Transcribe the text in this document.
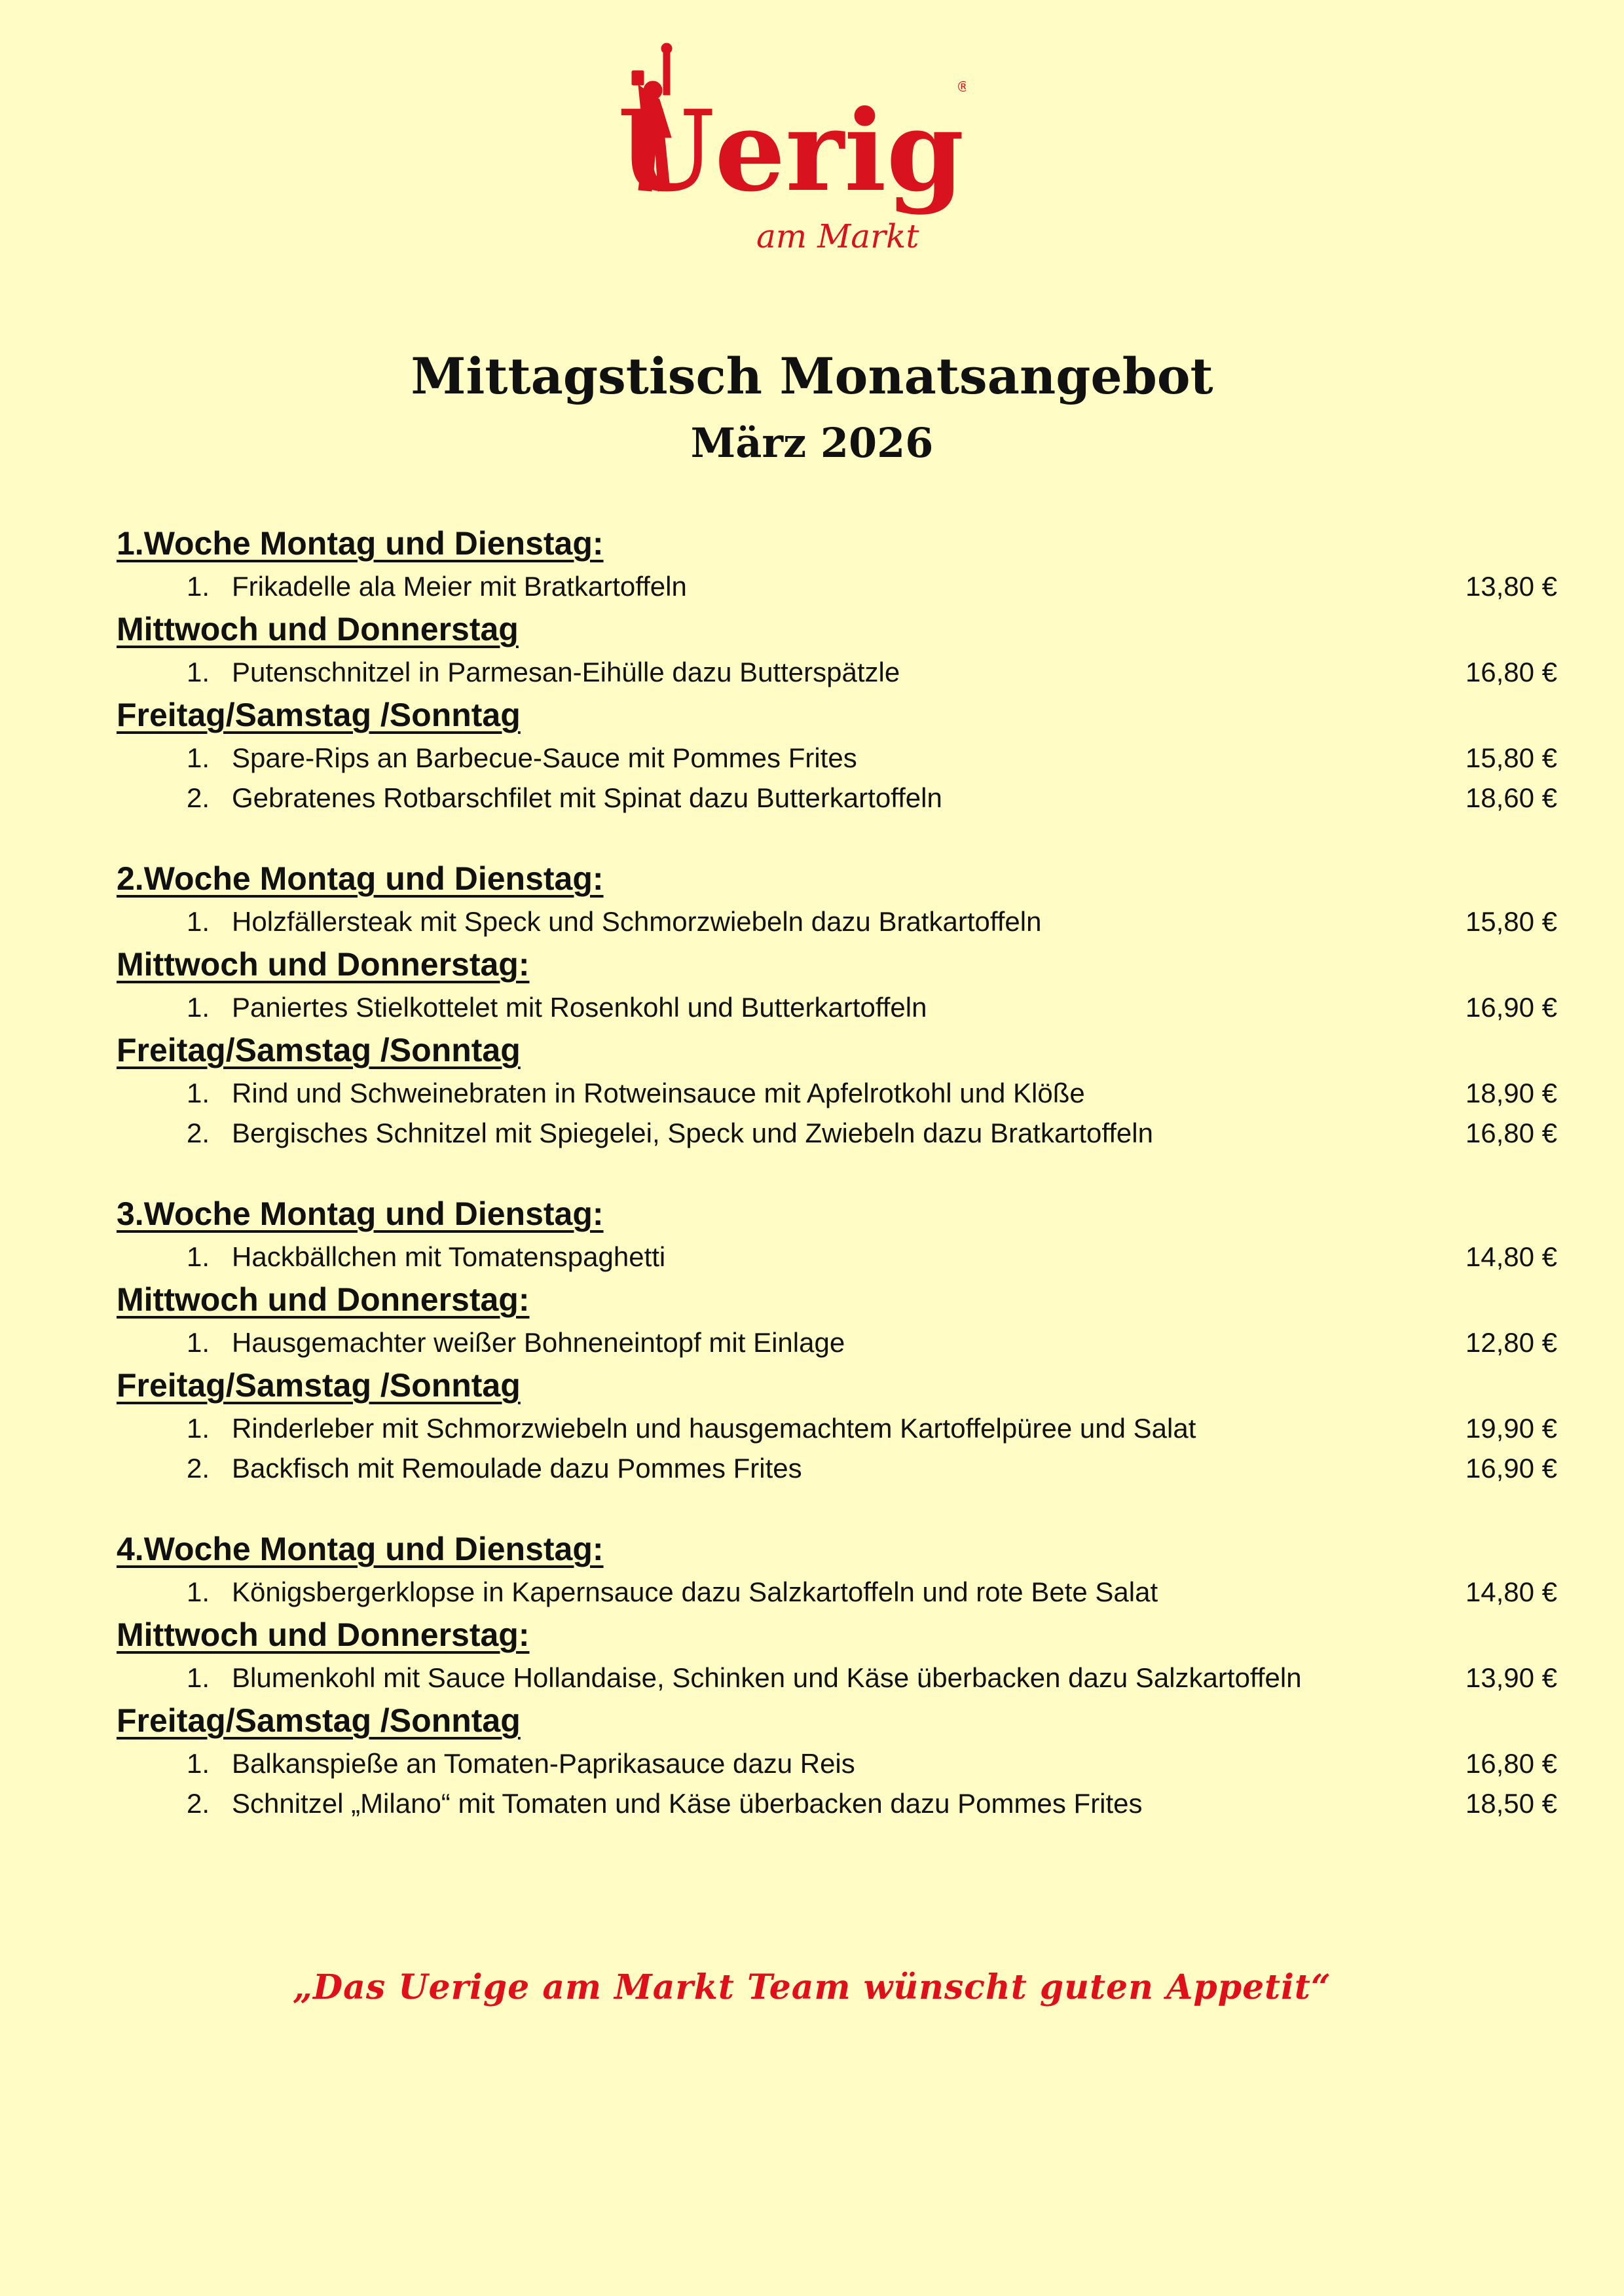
Uerig
®
am Markt
Mittagstisch Monatsangebot
März 2026
1.Woche Montag und Dienstag:
1. Frikadelle ala Meier mit Bratkartoffeln	13,80 €
Mittwoch und Donnerstag
1. Putenschnitzel in Parmesan-Eihülle dazu Butterspätzle	16,80 €
Freitag/Samstag /Sonntag
1. Spare-Rips an Barbecue-Sauce mit Pommes Frites	15,80 €
2. Gebratenes Rotbarschfilet mit Spinat dazu Butterkartoffeln	18,60 €
2.Woche Montag und Dienstag:
1. Holzfällersteak mit Speck und Schmorzwiebeln dazu Bratkartoffeln	15,80 €
Mittwoch und Donnerstag:
1. Paniertes Stielkottelet mit Rosenkohl und Butterkartoffeln	16,90 €
Freitag/Samstag /Sonntag
1. Rind und Schweinebraten in Rotweinsauce mit Apfelrotkohl und Klöße	18,90 €
2. Bergisches Schnitzel mit Spiegelei, Speck und Zwiebeln dazu Bratkartoffeln	16,80 €
3.Woche Montag und Dienstag:
1. Hackbällchen mit Tomatenspaghetti	14,80 €
Mittwoch und Donnerstag:
1. Hausgemachter weißer Bohneneintopf mit Einlage	12,80 €
Freitag/Samstag /Sonntag
1. Rinderleber mit Schmorzwiebeln und hausgemachtem Kartoffelpüree und Salat	19,90 €
2. Backfisch mit Remoulade dazu Pommes Frites	16,90 €
4.Woche Montag und Dienstag:
1. Königsbergerklopse in Kapernsauce dazu Salzkartoffeln und rote Bete Salat	14,80 €
Mittwoch und Donnerstag:
1. Blumenkohl mit Sauce Hollandaise, Schinken und Käse überbacken dazu Salzkartoffeln	13,90 €
Freitag/Samstag /Sonntag
1. Balkanspieße an Tomaten-Paprikasauce dazu Reis	16,80 €
2. Schnitzel „Milano“ mit Tomaten und Käse überbacken dazu Pommes Frites	18,50 €
„Das Uerige am Markt Team wünscht guten Appetit“
